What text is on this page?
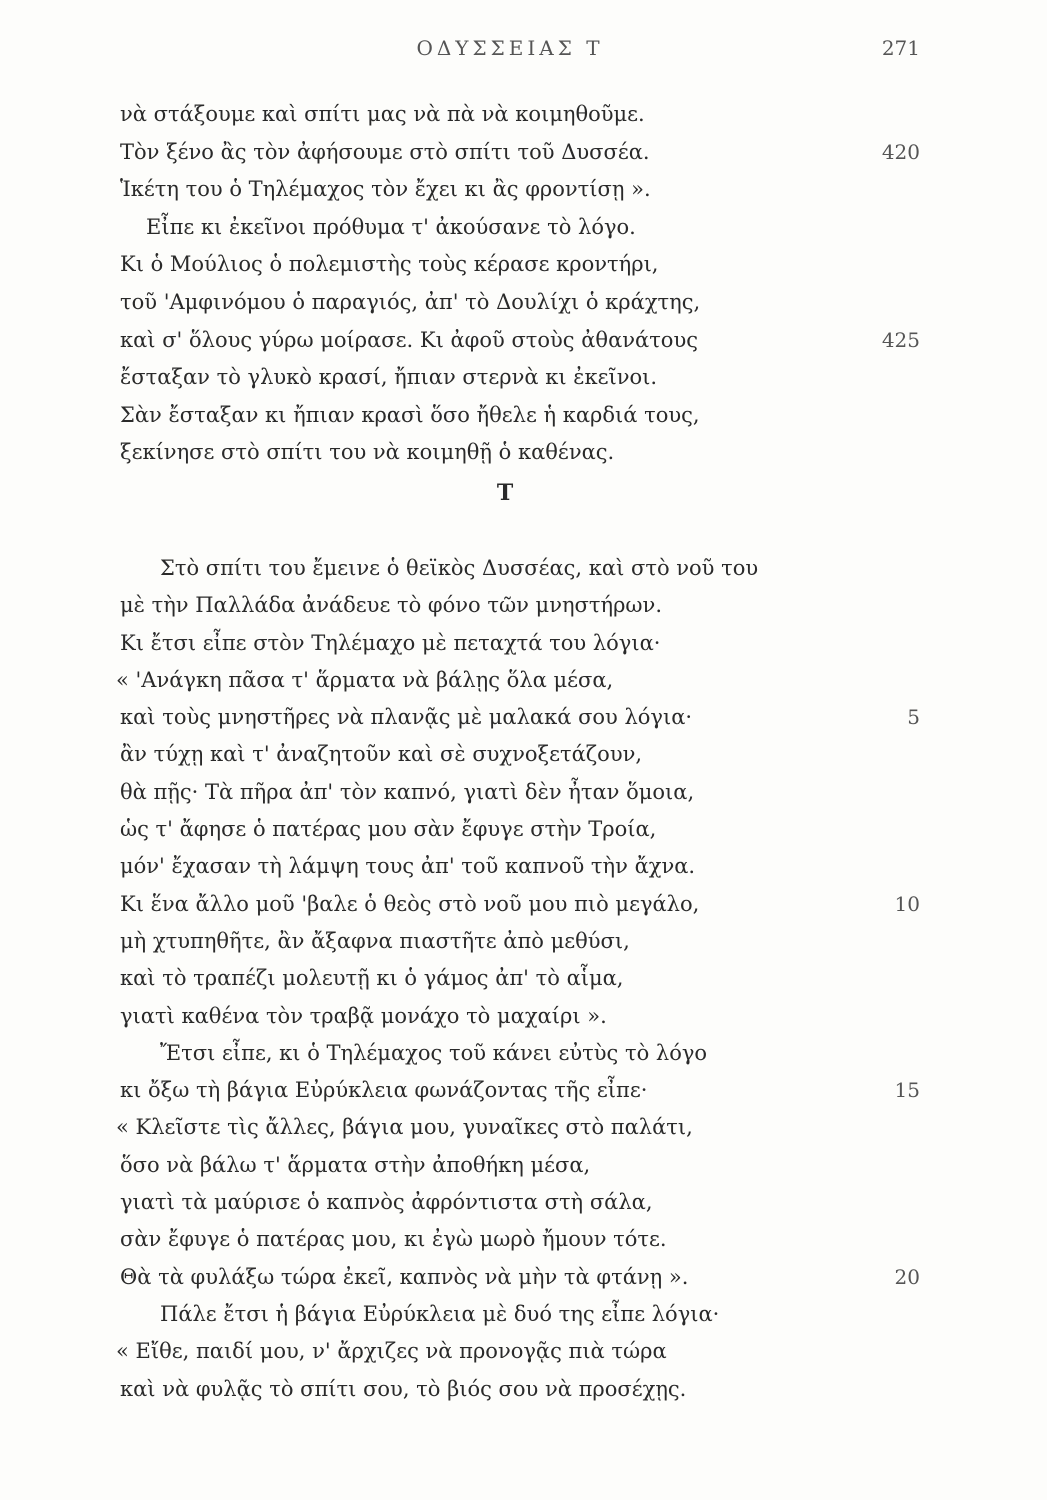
ΟΔΥΣΣΕΙΑΣ Τ	271
νὰ στάξουμε καὶ σπίτι μας νὰ πὰ νὰ κοιμηθοῦμε.
Τὸν ξένο ἂς τὸν ἀφήσουμε στὸ σπίτι τοῦ Δυσσέα.	420
Ἱκέτη του ὁ Τηλέμαχος τὸν ἔχει κι ἂς φροντίσῃ ».
Εἶπε κι ἐκεῖνοι πρόθυμα τ' ἀκούσανε τὸ λόγο.
Κι ὁ Μούλιος ὁ πολεμιστὴς τοὺς κέρασε κροντήρι,
τοῦ 'Αμφινόμου ὁ παραγιός, ἀπ' τὸ Δουλίχι ὁ κράχτης,
καὶ σ' ὅλους γύρω μοίρασε. Κι ἀφοῦ στοὺς ἀθανάτους	425
ἔσταξαν τὸ γλυκὸ κρασί, ἤπιαν στερνὰ κι ἐκεῖνοι.
Σὰν ἔσταξαν κι ἤπιαν κρασὶ ὅσο ἤθελε ἡ καρδιά τους,
ξεκίνησε στὸ σπίτι του νὰ κοιμηθῇ ὁ καθένας.
Τ
Στὸ σπίτι του ἔμεινε ὁ θεϊκὸς Δυσσέας, καὶ στὸ νοῦ του
μὲ τὴν Παλλάδα ἀνάδευε τὸ φόνο τῶν μνηστήρων.
Κι ἔτσι εἶπε στὸν Τηλέμαχο μὲ πεταχτά του λόγια·
« 'Ανάγκη πᾶσα τ' ἅρματα νὰ βάλῃς ὅλα μέσα,
καὶ τοὺς μνηστῆρες νὰ πλανᾷς μὲ μαλακά σου λόγια·	5
ἂν τύχῃ καὶ τ' ἀναζητοῦν καὶ σὲ συχνοξετάζουν,
θὰ πῇς· Τὰ πῆρα ἀπ' τὸν καπνό, γιατὶ δὲν ἦταν ὅμοια,
ὡς τ' ἄφησε ὁ πατέρας μου σὰν ἔφυγε στὴν Τροία,
μόν' ἔχασαν τὴ λάμψη τους ἀπ' τοῦ καπνοῦ τὴν ἄχνα.
Κι ἕνα ἄλλο μοῦ 'βαλε ὁ θεὸς στὸ νοῦ μου πιὸ μεγάλο,	10
μὴ χτυπηθῆτε, ἂν ἄξαφνα πιαστῆτε ἀπὸ μεθύσι,
καὶ τὸ τραπέζι μολευτῇ κι ὁ γάμος ἀπ' τὸ αἷμα,
γιατὶ καθένα τὸν τραβᾷ μονάχο τὸ μαχαίρι ».
Ἔτσι εἶπε, κι ὁ Τηλέμαχος τοῦ κάνει εὐτὺς τὸ λόγο
κι ὄξω τὴ βάγια Εὐρύκλεια φωνάζοντας τῆς εἶπε·	15
« Κλεῖστε τὶς ἄλλες, βάγια μου, γυναῖκες στὸ παλάτι,
ὅσο νὰ βάλω τ' ἅρματα στὴν ἀποθήκη μέσα,
γιατὶ τὰ μαύρισε ὁ καπνὸς ἀφρόντιστα στὴ σάλα,
σὰν ἔφυγε ὁ πατέρας μου, κι ἐγὼ μωρὸ ἤμουν τότε.
Θὰ τὰ φυλάξω τώρα ἐκεῖ, καπνὸς νὰ μὴν τὰ φτάνῃ ».	20
Πάλε ἔτσι ἡ βάγια Εὐρύκλεια μὲ δυό της εἶπε λόγια·
« Εἴθε, παιδί μου, ν' ἄρχιζες νὰ προνογᾷς πιὰ τώρα
καὶ νὰ φυλᾷς τὸ σπίτι σου, τὸ βιός σου νὰ προσέχῃς.
